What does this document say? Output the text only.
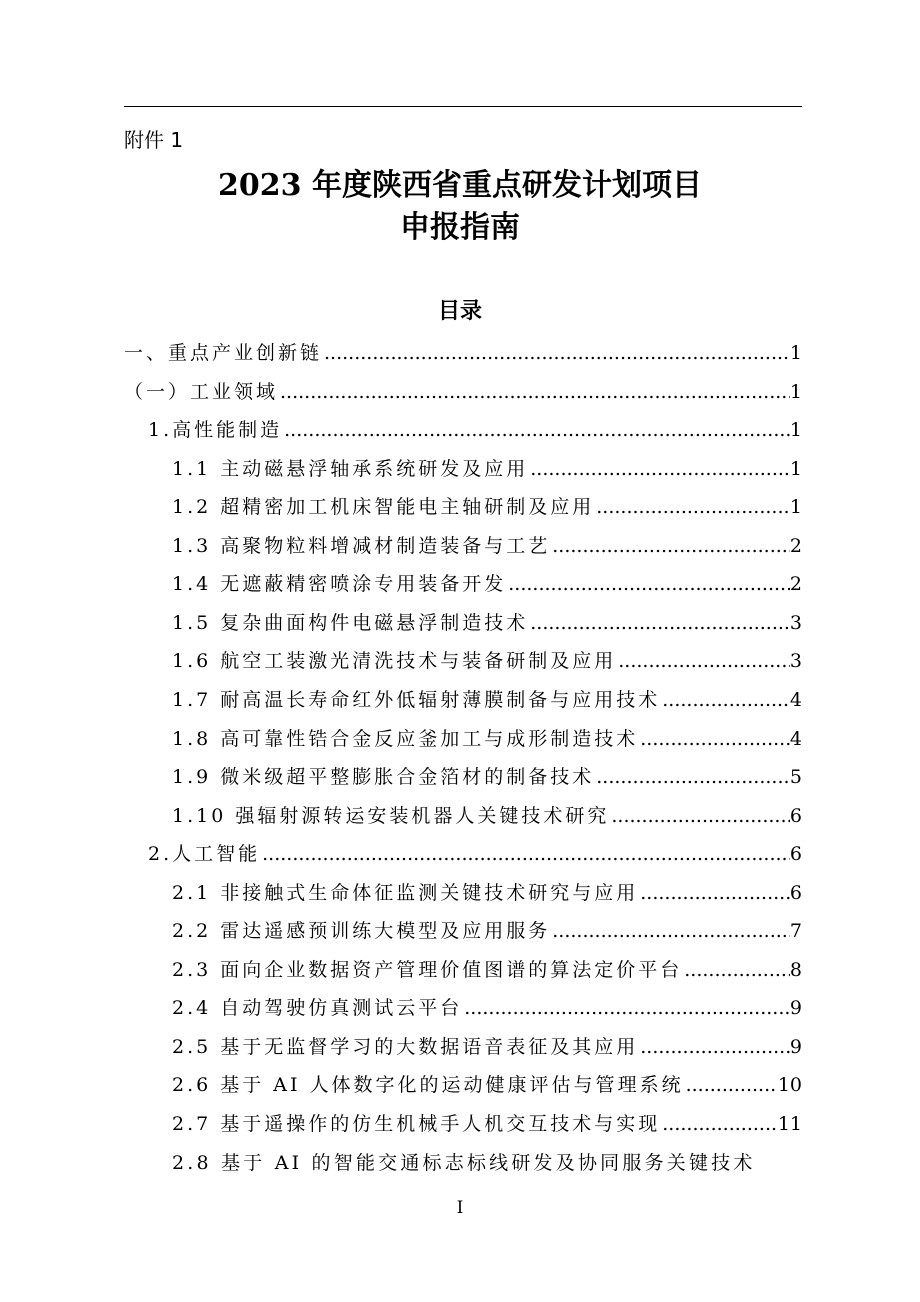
附件 1
2023 年度陕西省重点研发计划项目
申报指南
目录
一、重点产业创新链 .....	1
（一）工业领域 .....	1
1.高性能制造 .....	1
1.1 主动磁悬浮轴承系统研发及应用 .....	1
1.2 超精密加工机床智能电主轴研制及应用 .....	1
1.3 高聚物粒料增减材制造装备与工艺 .....	2
1.4 无遮蔽精密喷涂专用装备开发 .....	2
1.5 复杂曲面构件电磁悬浮制造技术 .....	3
1.6 航空工装激光清洗技术与装备研制及应用 .....	3
1.7 耐高温长寿命红外低辐射薄膜制备与应用技术 .....	4
1.8 高可靠性锆合金反应釜加工与成形制造技术 .....	4
1.9 微米级超平整膨胀合金箔材的制备技术 .....	5
1.10 强辐射源转运安装机器人关键技术研究 .....	6
2.人工智能 .....	6
2.1 非接触式生命体征监测关键技术研究与应用 .....	6
2.2 雷达遥感预训练大模型及应用服务 .....	7
2.3 面向企业数据资产管理价值图谱的算法定价平台 .....	8
2.4 自动驾驶仿真测试云平台 .....	9
2.5 基于无监督学习的大数据语音表征及其应用 .....	9
2.6 基于 AI 人体数字化的运动健康评估与管理系统 .....	10
2.7 基于遥操作的仿生机械手人机交互技术与实现 .....	11
2.8 基于 AI 的智能交通标志标线研发及协同服务关键技术
I
